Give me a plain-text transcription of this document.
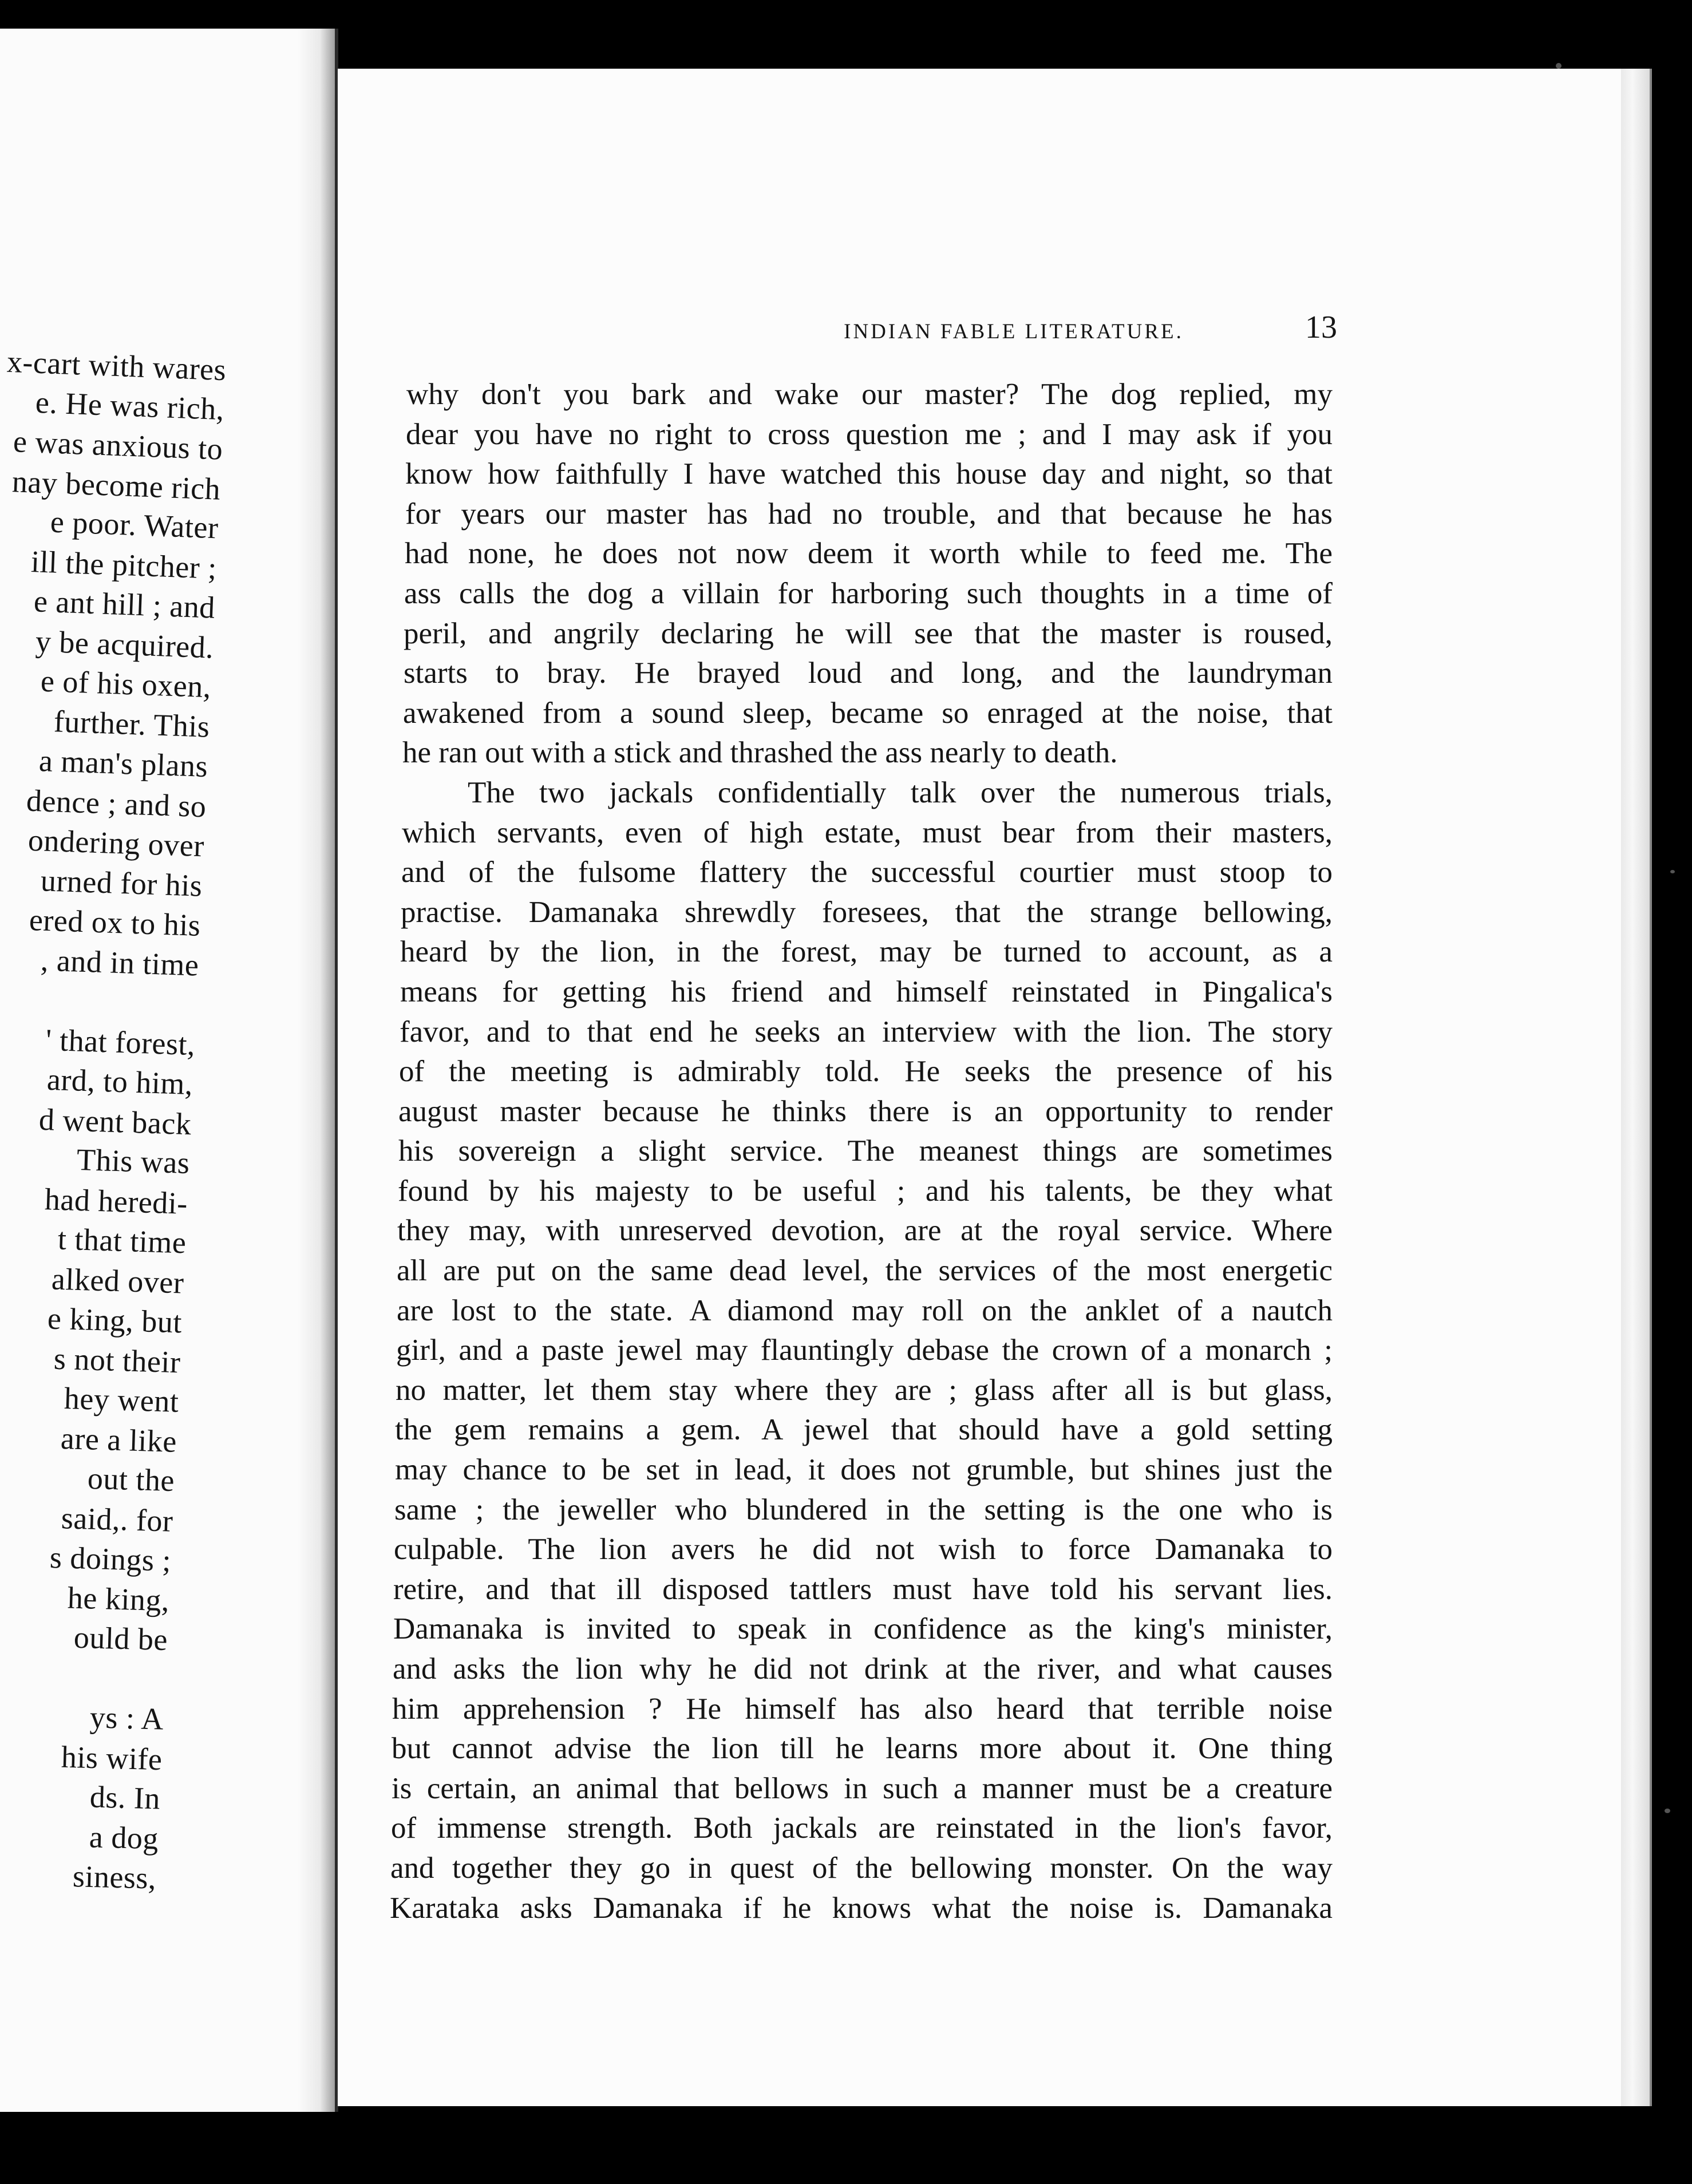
x-cart with wares
e. He was rich,
e was anxious to
nay become rich
e poor. Water
ill the pitcher ;
e ant hill ; and
y be acquired.
e of his oxen,
further. This
a man's plans
dence ; and so
ondering over
urned for his
ered ox to his
, and in time
' that forest,
ard, to him,
d went back
This was
had heredi-
t that time
alked over
e king, but
s not their
hey went
are a like
out the
said,. for
s doings ;
he king,
ould be
ys : A
his wife
ds. In
a dog
siness,
INDIAN FABLE LITERATURE.	13
why don't you bark and wake our master? The dog replied, my
dear you have no right to cross question me ; and I may ask if you
know how faithfully I have watched this house day and night, so that
for years our master has had no trouble, and that because he has
had none, he does not now deem it worth while to feed me. The
ass calls the dog a villain for harboring such thoughts in a time of
peril, and angrily declaring he will see that the master is roused,
starts to bray. He brayed loud and long, and the laundryman
awakened from a sound sleep, became so enraged at the noise, that
he ran out with a stick and thrashed the ass nearly to death.
The two jackals confidentially talk over the numerous trials,
which servants, even of high estate, must bear from their masters,
and of the fulsome flattery the successful courtier must stoop to
practise. Damanaka shrewdly foresees, that the strange bellowing,
heard by the lion, in the forest, may be turned to account, as a
means for getting his friend and himself reinstated in Pingalica's
favor, and to that end he seeks an interview with the lion. The story
of the meeting is admirably told. He seeks the presence of his
august master because he thinks there is an opportunity to render
his sovereign a slight service. The meanest things are sometimes
found by his majesty to be useful ; and his talents, be they what
they may, with unreserved devotion, are at the royal service. Where
all are put on the same dead level, the services of the most energetic
are lost to the state. A diamond may roll on the anklet of a nautch
girl, and a paste jewel may flauntingly debase the crown of a monarch ;
no matter, let them stay where they are ; glass after all is but glass,
the gem remains a gem. A jewel that should have a gold setting
may chance to be set in lead, it does not grumble, but shines just the
same ; the jeweller who blundered in the setting is the one who is
culpable. The lion avers he did not wish to force Damanaka to
retire, and that ill disposed tattlers must have told his servant lies.
Damanaka is invited to speak in confidence as the king's minister,
and asks the lion why he did not drink at the river, and what causes
him apprehension ? He himself has also heard that terrible noise
but cannot advise the lion till he learns more about it. One thing
is certain, an animal that bellows in such a manner must be a creature
of immense strength. Both jackals are reinstated in the lion's favor,
and together they go in quest of the bellowing monster. On the way
Karataka asks Damanaka if he knows what the noise is. Damanaka
